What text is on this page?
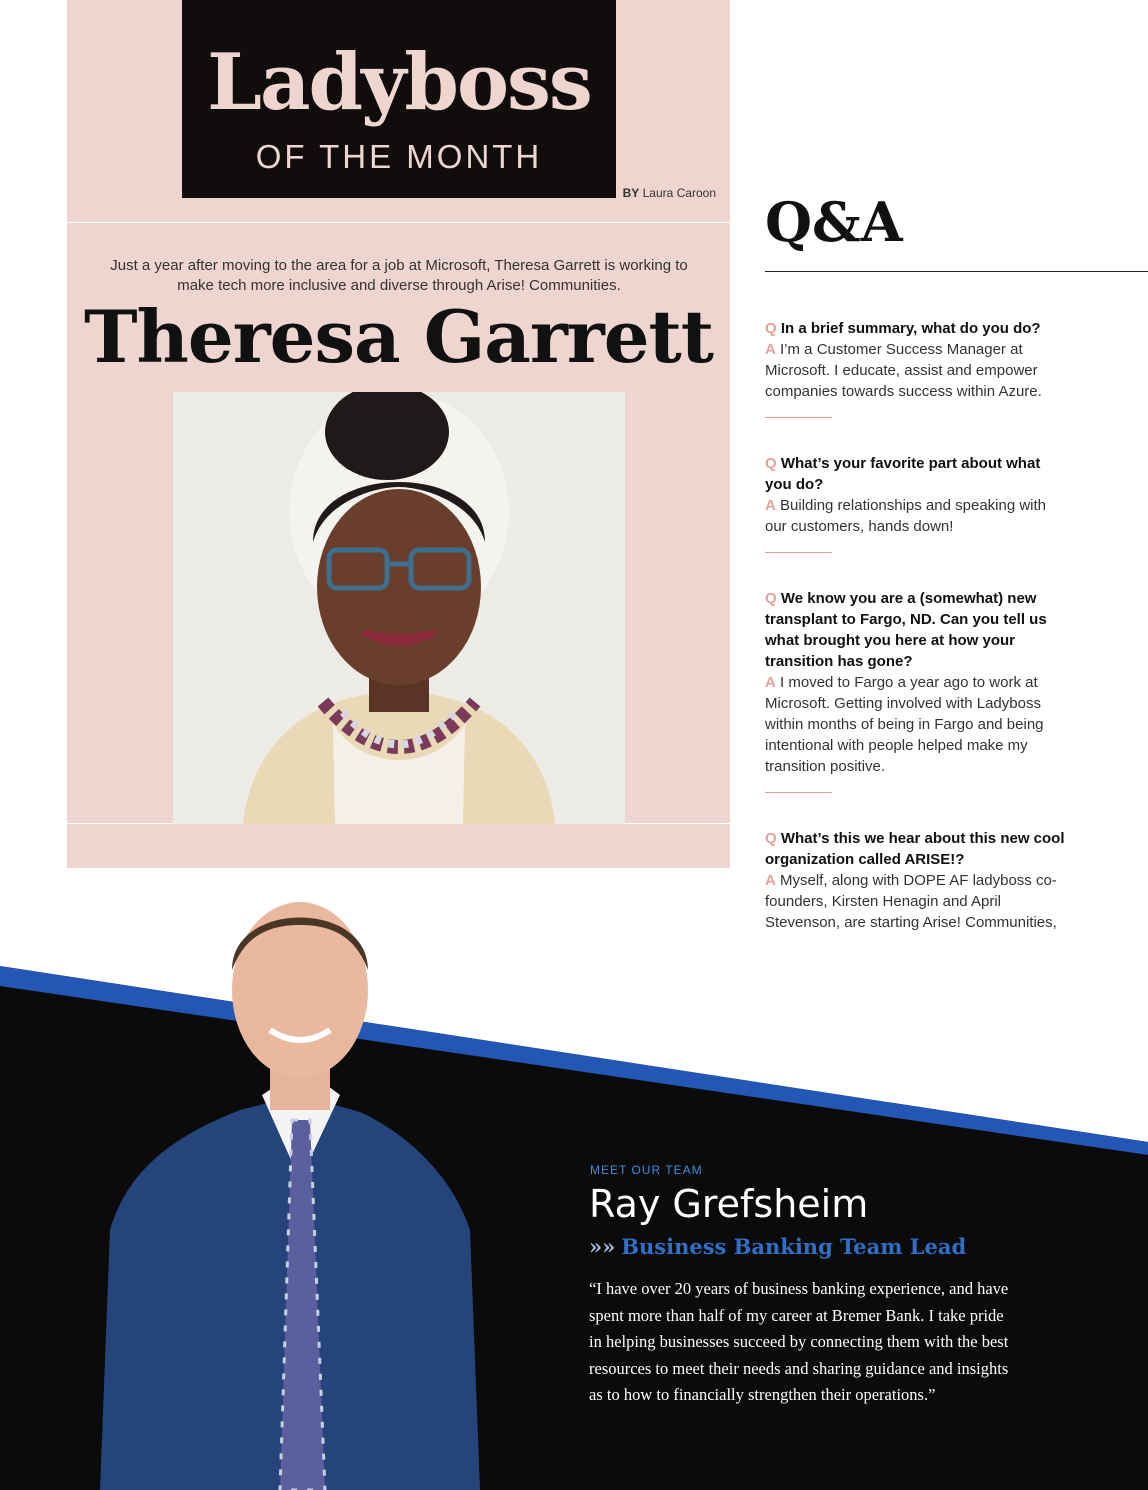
Ladyboss
OF THE MONTH
BY Laura Caroon
Just a year after moving to the area for a job at Microsoft, Theresa Garrett is working to make tech more inclusive and diverse through Arise! Communities.
Theresa Garrett
Q&A
Q In a brief summary, what do you do?
A I’m a Customer Success Manager at Microsoft. I educate, assist and empower companies towards success within Azure.
Q What’s your favorite part about what you do?
A Building relationships and speaking with our customers, hands down!
Q We know you are a (somewhat) new transplant to Fargo, ND. Can you tell us what brought you here at how your transition has gone?
A I moved to Fargo a year ago to work at Microsoft. Getting involved with Ladyboss within months of being in Fargo and being intentional with people helped make my transition positive.
Q What’s this we hear about this new cool organization called ARISE!?
A Myself, along with DOPE AF ladyboss co-founders, Kirsten Henagin and April Stevenson, are starting Arise! Communities,
MEET OUR TEAM
Ray Grefsheim
»» Business Banking Team Lead
“I have over 20 years of business banking experience, and have spent more than half of my career at Bremer Bank. I take pride in helping businesses succeed by connecting them with the best resources to meet their needs and sharing guidance and insights as to how to financially strengthen their operations.”
